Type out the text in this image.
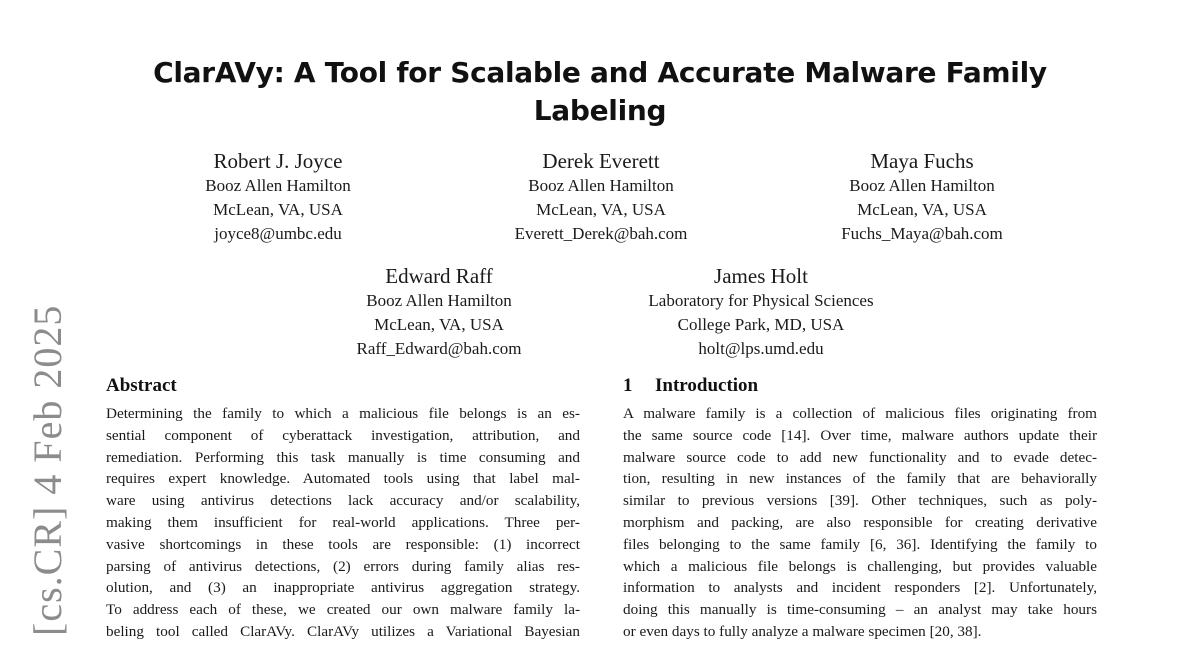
[cs.CR] 4 Feb 2025
ClarAVy: A Tool for Scalable and Accurate Malware Family
Labeling
Robert J. Joyce
Booz Allen Hamilton
McLean, VA, USA
joyce8@umbc.edu
Derek Everett
Booz Allen Hamilton
McLean, VA, USA
Everett_Derek@bah.com
Maya Fuchs
Booz Allen Hamilton
McLean, VA, USA
Fuchs_Maya@bah.com
Edward Raff
Booz Allen Hamilton
McLean, VA, USA
Raff_Edward@bah.com
James Holt
Laboratory for Physical Sciences
College Park, MD, USA
holt@lps.umd.edu
Abstract
Determining the family to which a malicious file belongs is an es-
sential component of cyberattack investigation, attribution, and
remediation. Performing this task manually is time consuming and
requires expert knowledge. Automated tools using that label mal-
ware using antivirus detections lack accuracy and/or scalability,
making them insufficient for real-world applications. Three per-
vasive shortcomings in these tools are responsible: (1) incorrect
parsing of antivirus detections, (2) errors during family alias res-
olution, and (3) an inappropriate antivirus aggregation strategy.
To address each of these, we created our own malware family la-
beling tool called ClarAVy. ClarAVy utilizes a Variational Bayesian
1 Introduction
A malware family is a collection of malicious files originating from
the same source code [14]. Over time, malware authors update their
malware source code to add new functionality and to evade detec-
tion, resulting in new instances of the family that are behaviorally
similar to previous versions [39]. Other techniques, such as poly-
morphism and packing, are also responsible for creating derivative
files belonging to the same family [6, 36]. Identifying the family to
which a malicious file belongs is challenging, but provides valuable
information to analysts and incident responders [2]. Unfortunately,
doing this manually is time-consuming – an analyst may take hours
or even days to fully analyze a malware specimen [20, 38].
